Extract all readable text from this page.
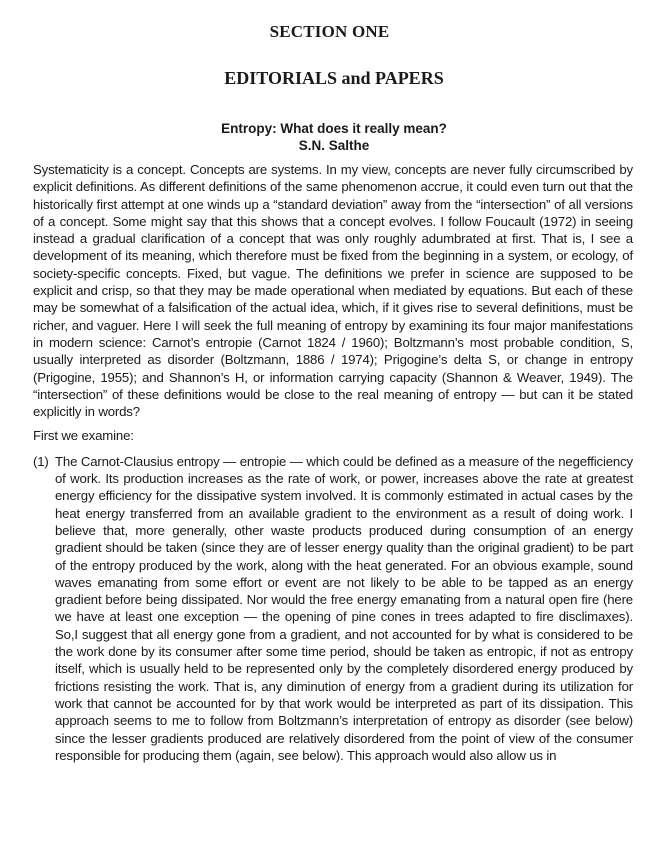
SECTION ONE
EDITORIALS and PAPERS
Entropy: What does it really mean?
S.N. Salthe

Systematicity is a concept. Concepts are systems. In my view, concepts are never fully circumscribed by explicit definitions. As different definitions of the same phenomenon accrue, it could even turn out that the historically first attempt at one winds up a “standard deviation” away from the “intersection” of all versions of a concept. Some might say that this shows that a concept evolves. I follow Foucault (1972) in seeing instead a gradual clarification of a concept that was only roughly adumbrated at first. That is, I see a development of its meaning, which therefore must be fixed from the beginning in a system, or ecology, of society-specific concepts. Fixed, but vague. The definitions we prefer in science are supposed to be explicit and crisp, so that they may be made operational when mediated by equations. But each of these may be somewhat of a falsification of the actual idea, which, if it gives rise to several definitions, must be richer, and vaguer. Here I will seek the full meaning of entropy by examining its four major manifestations in modern science: Carnot’s entropie (Carnot 1824 / 1960); Boltzmann’s most probable condition, S, usually interpreted as disorder (Boltzmann, 1886 / 1974); Prigogine’s delta S, or change in entropy (Prigogine, 1955); and Shannon’s H, or information carrying capacity (Shannon & Weaver, 1949). The “intersection” of these definitions would be close to the real meaning of entropy — but can it be stated explicitly in words?

First we examine:

(1) The Carnot-Clausius entropy — entropie — which could be defined as a measure of the negefficiency of work. Its production increases as the rate of work, or power, increases above the rate at greatest energy efficiency for the dissipative system involved. It is commonly estimated in actual cases by the heat energy transferred from an available gradient to the environment as a result of doing work. I believe that, more generally, other waste products produced during consumption of an energy gradient should be taken (since they are of lesser energy quality than the original gradient) to be part of the entropy produced by the work, along with the heat generated. For an obvious example, sound waves emanating from some effort or event are not likely to be able to be tapped as an energy gradient before being dissipated. Nor would the free energy emanating from a natural open fire (here we have at least one exception — the opening of pine cones in trees adapted to fire disclimaxes). So,I suggest that all energy gone from a gradient, and not accounted for by what is considered to be the work done by its consumer after some time period, should be taken as entropic, if not as entropy itself, which is usually held to be represented only by the completely disordered energy produced by frictions resisting the work. That is, any diminution of energy from a gradient during its utilization for work that cannot be accounted for by that work would be interpreted as part of its dissipation. This approach seems to me to follow from Boltzmann’s interpretation of entropy as disorder (see below) since the lesser gradients produced are relatively disordered from the point of view of the consumer responsible for producing them (again, see below). This approach would also allow us in
